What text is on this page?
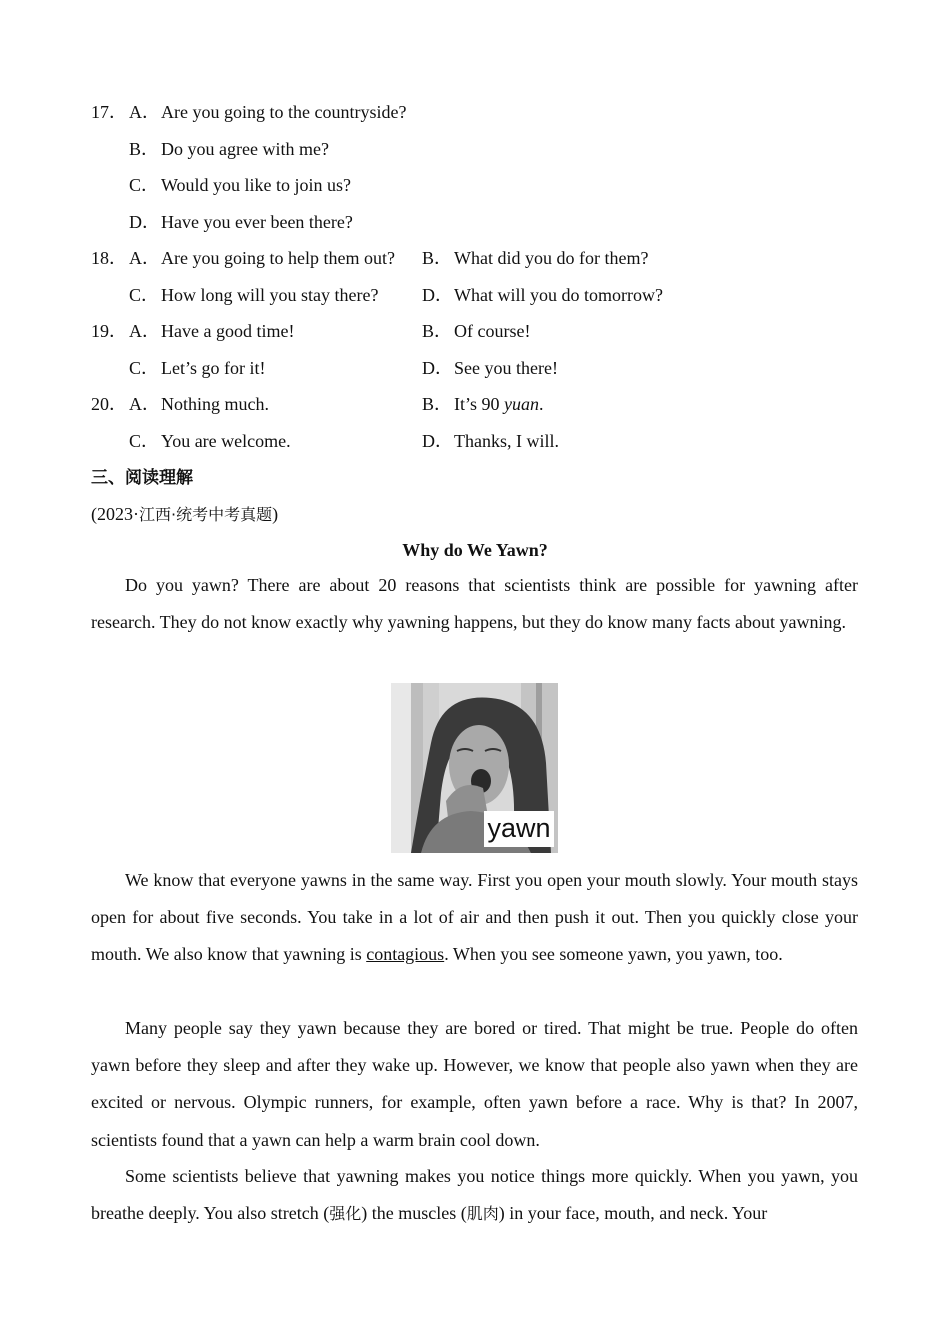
17． A．Are you going to the countryside?
B． Do you agree with me?
C． Would you like to join us?
D．Have you ever been there?
18． A．Are you going to help them out? B． What did you do for them?
C． How long will you stay there? D．What will you do tomorrow?
19． A．Have a good time!	B． Of course!
C． Let’s go for it!	D．See you there!
20． A．Nothing much.	B． It’s 90 yuan.
C． You are welcome.	D．Thanks, I will.
三、阅读理解
(2023·江西·统考中考真题)
Why do We Yawn?

Do you yawn? There are about 20 reasons that scientists think are possible for yawning after research. They do not know exactly why yawning happens, but they do know many facts about yawning.

yawn

We know that everyone yawns in the same way. First you open your mouth slowly. Your mouth stays open for about five seconds. You take in a lot of air and then push it out. Then you quickly close your mouth. We also know that yawning is contagious. When you see someone yawn, you yawn, too.

Many people say they yawn because they are bored or tired. That might be true. People do often yawn before they sleep and after they wake up. However, we know that people also yawn when they are excited or nervous. Olympic runners, for example, often yawn before a race. Why is that? In 2007, scientists found that a yawn can help a warm brain cool down.

Some scientists believe that yawning makes you notice things more quickly. When you yawn, you breathe deeply. You also stretch (强化) the muscles (肌肉) in your face, mouth, and neck. Your
